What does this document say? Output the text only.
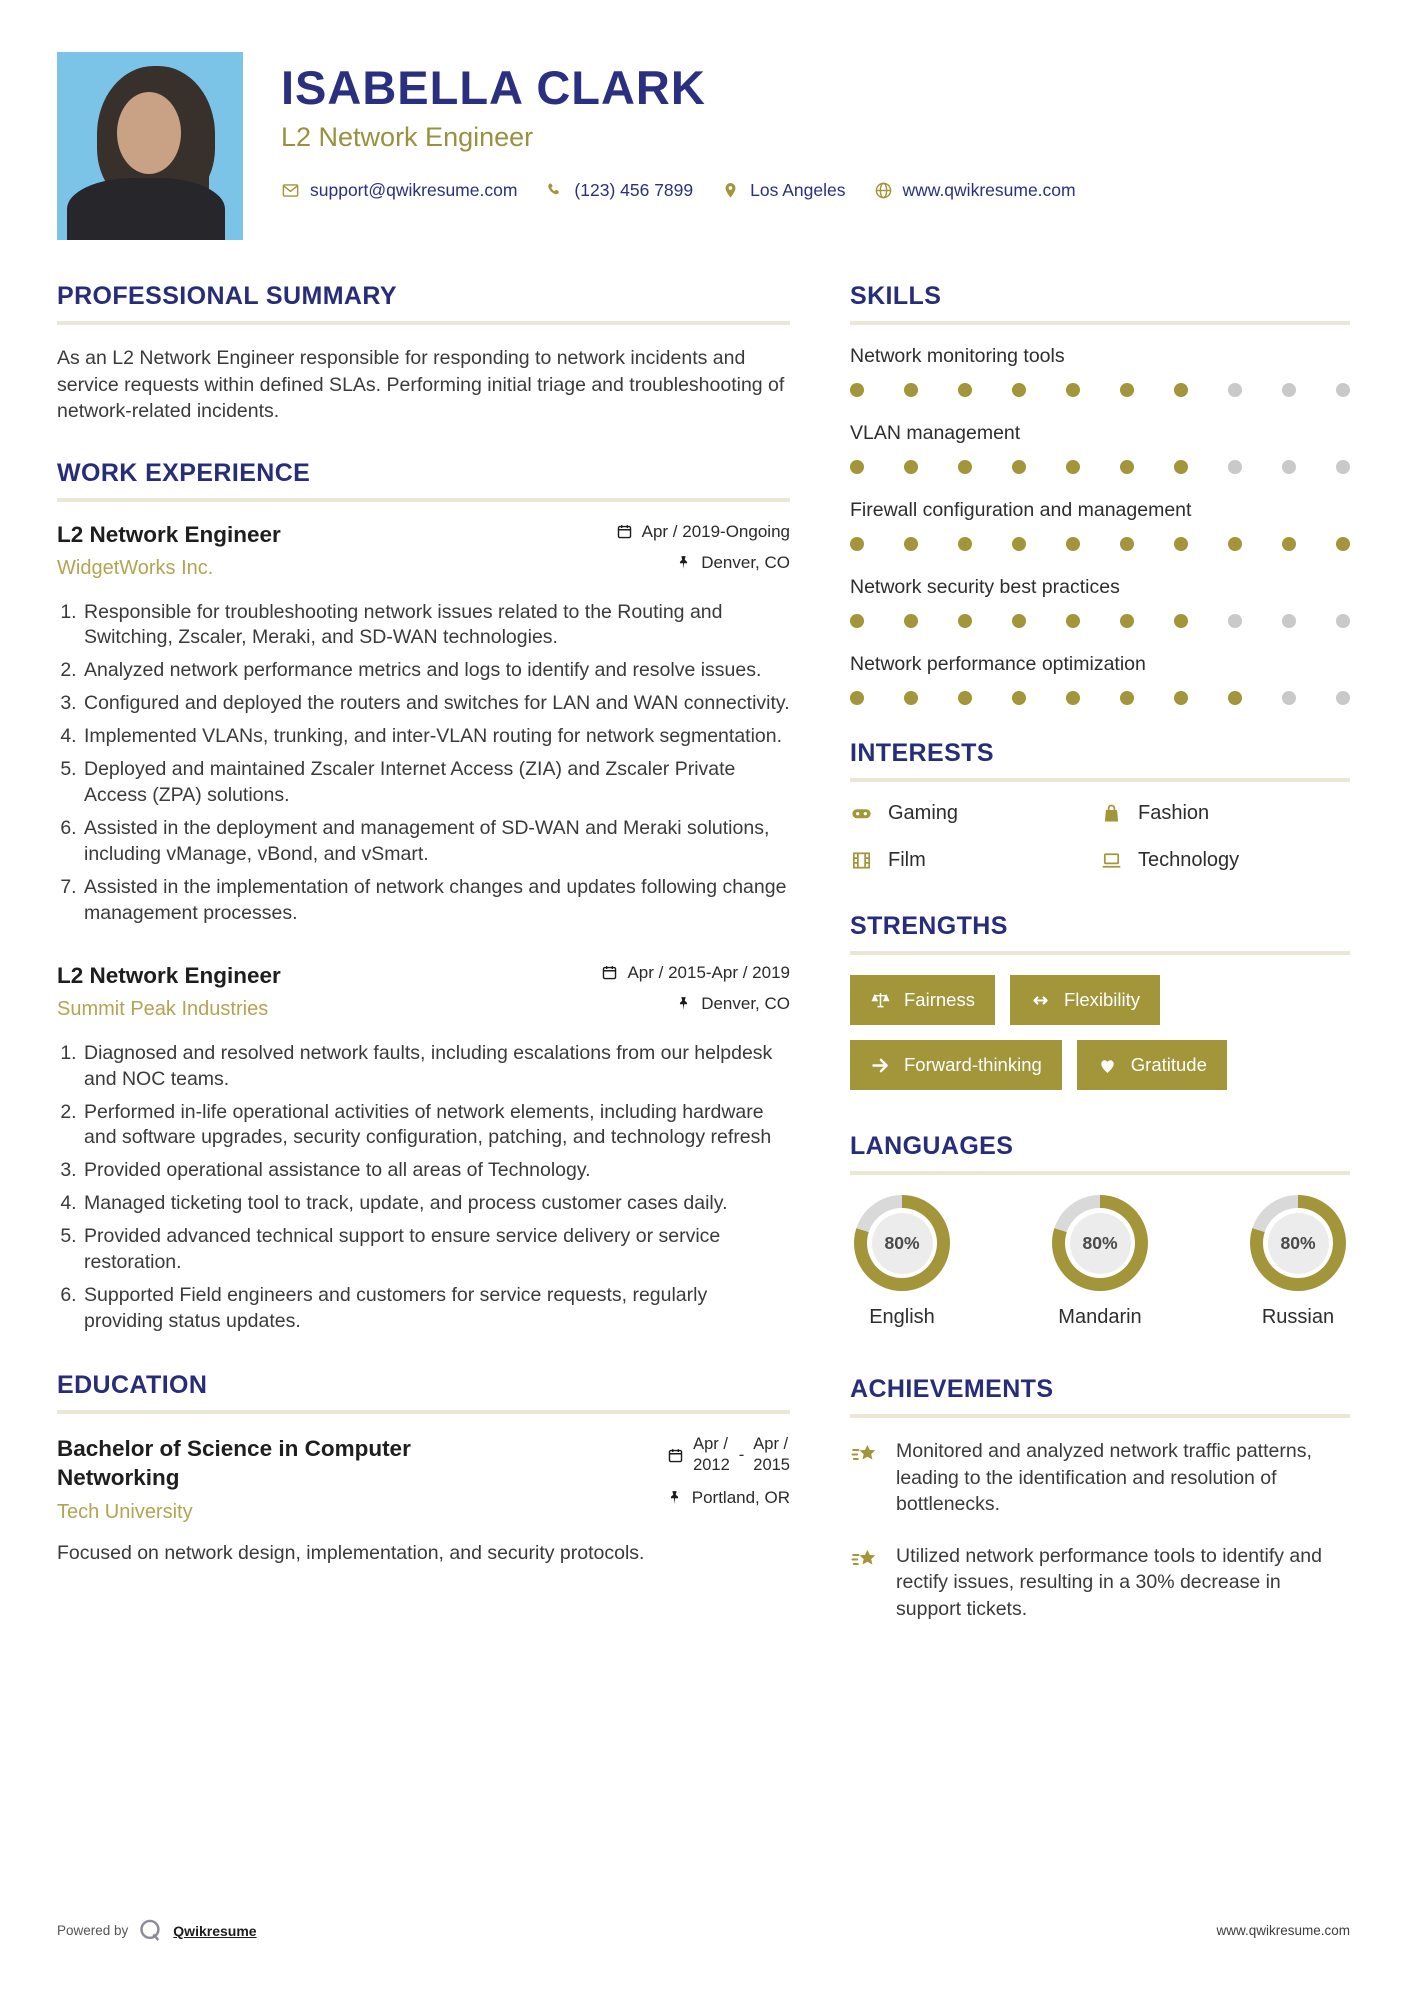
ISABELLA CLARK
L2 Network Engineer
support@qwikresume.com	(123) 456 7899	Los Angeles	www.qwikresume.com
PROFESSIONAL SUMMARY

As an L2 Network Engineer responsible for responding to network incidents and service requests within defined SLAs. Performing initial triage and troubleshooting of network-related incidents.

WORK EXPERIENCE
L2 Network Engineer
WidgetWorks Inc.
Apr / 2019-Ongoing
Denver, CO
1. Responsible for troubleshooting network issues related to the Routing and Switching, Zscaler, Meraki, and SD-WAN technologies.
2. Analyzed network performance metrics and logs to identify and resolve issues.
3. Configured and deployed the routers and switches for LAN and WAN connectivity.
4. Implemented VLANs, trunking, and inter-VLAN routing for network segmentation.
5. Deployed and maintained Zscaler Internet Access (ZIA) and Zscaler Private Access (ZPA) solutions.
6. Assisted in the deployment and management of SD-WAN and Meraki solutions, including vManage, vBond, and vSmart.
7. Assisted in the implementation of network changes and updates following change management processes.
L2 Network Engineer
Summit Peak Industries
Apr / 2015-Apr / 2019
Denver, CO
1. Diagnosed and resolved network faults, including escalations from our helpdesk and NOC teams.
2. Performed in-life operational activities of network elements, including hardware and software upgrades, security configuration, patching, and technology refresh
3. Provided operational assistance to all areas of Technology.
4. Managed ticketing tool to track, update, and process customer cases daily.
5. Provided advanced technical support to ensure service delivery or service restoration.
6. Supported Field engineers and customers for service requests, regularly providing status updates.
EDUCATION
Bachelor of Science in Computer Networking
Tech University
Apr /
2012
-
Apr /
2015
Portland, OR

Focused on network design, implementation, and security protocols.

SKILLS
Network monitoring tools
VLAN management
Firewall configuration and management
Network security best practices
Network performance optimization
INTERESTS
Gaming	Fashion
Film	Technology
STRENGTHS
Fairness	Flexibility
Forward-thinking	Gratitude
LANGUAGES
80%
English
80%
Mandarin
80%
Russian
ACHIEVEMENTS
Monitored and analyzed network traffic patterns, leading to the identification and resolution of bottlenecks.
Utilized network performance tools to identify and rectify issues, resulting in a 30% decrease in support tickets.
Powered by	Qwikresume	www.qwikresume.com
